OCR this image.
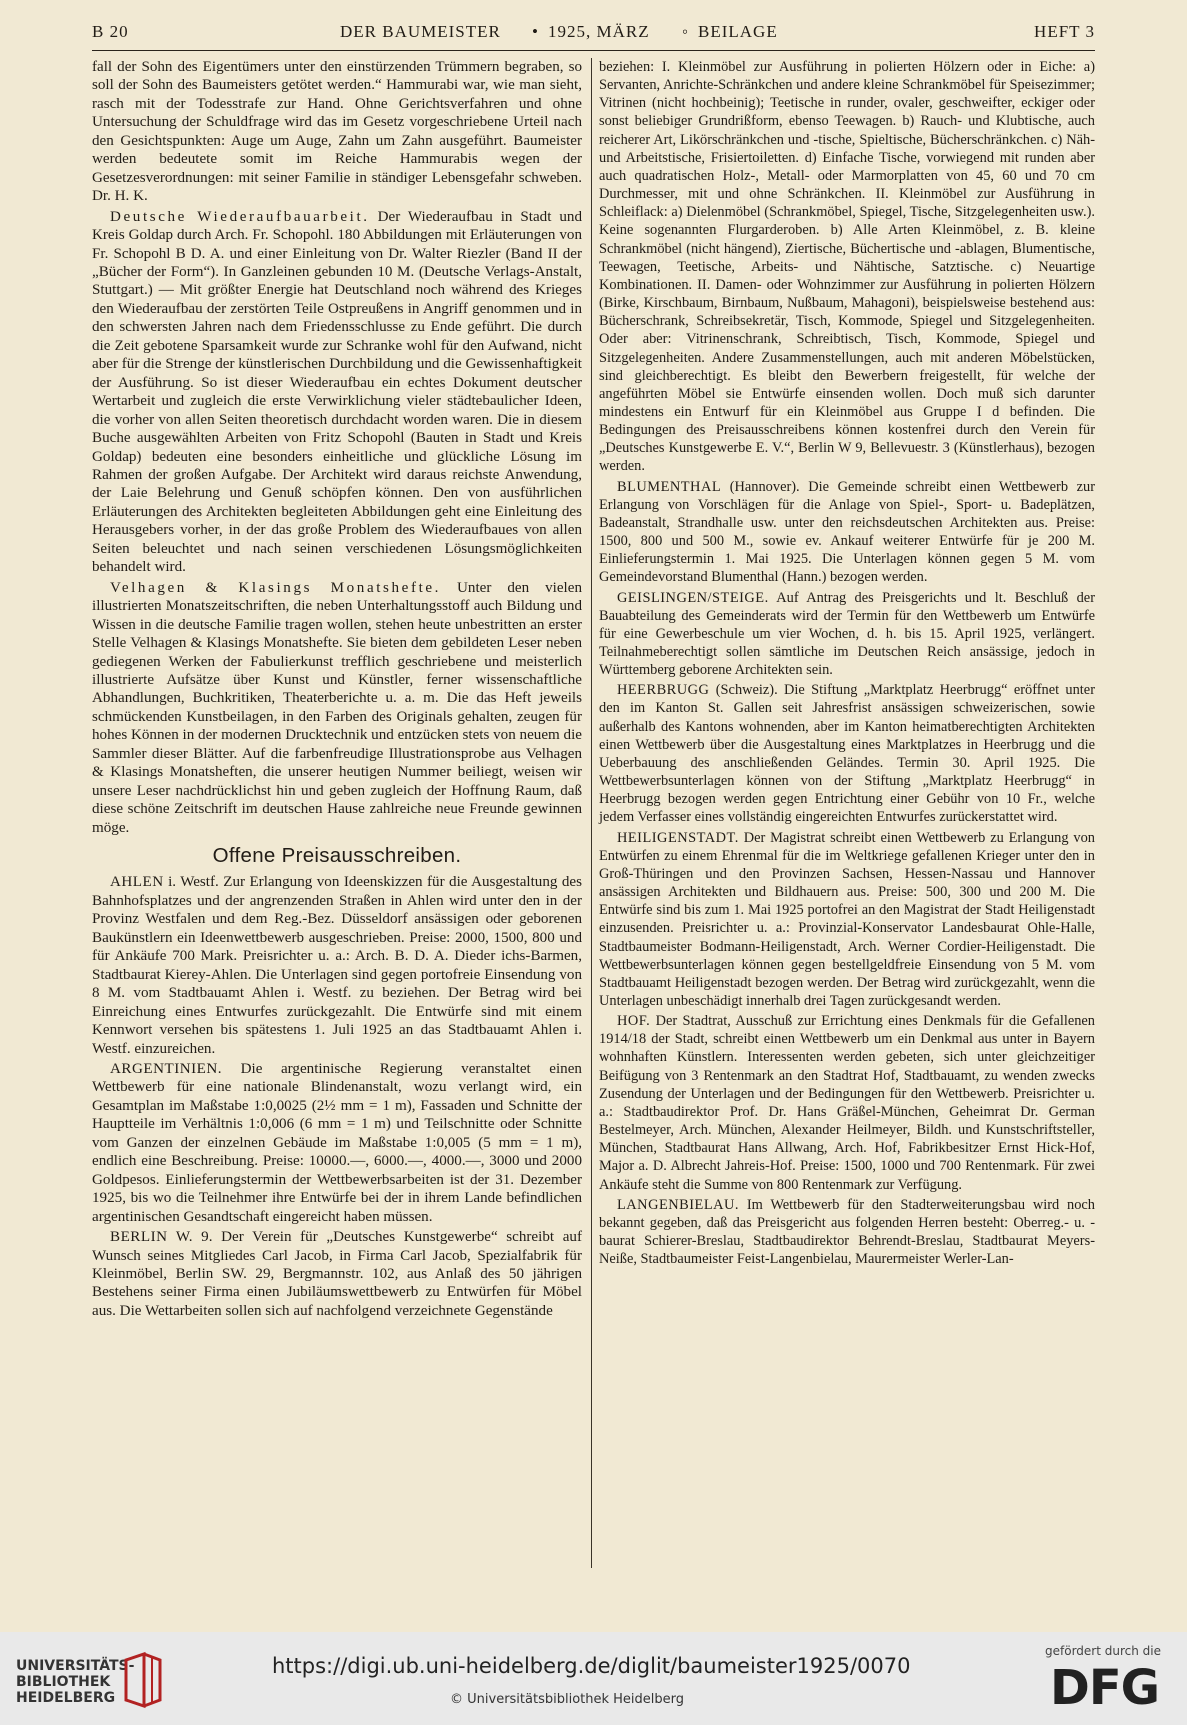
B 20	DER BAUMEISTER • 1925, MÄRZ ◦ BEILAGE	HEFT 3

fall der Sohn des Eigentümers unter den einstürzenden Trümmern begraben, so soll der Sohn des Baumeisters getötet werden.“ Hammurabi war, wie man sieht, rasch mit der Todesstrafe zur Hand. Ohne Gerichtsverfahren und ohne Untersuchung der Schuldfrage wird das im Gesetz vorgeschriebene Urteil nach den Gesichtspunkten: Auge um Auge, Zahn um Zahn ausgeführt. Baumeister werden bedeutete somit im Reiche Hammurabis wegen der Gesetzesverordnungen: mit seiner Familie in ständiger Lebensgefahr schweben. Dr. H. K.

Deutsche Wiederaufbauarbeit. Der Wiederaufbau in Stadt und Kreis Goldap durch Arch. Fr. Schopohl. 180 Abbildungen mit Erläuterungen von Fr. Schopohl B D. A. und einer Einleitung von Dr. Walter Riezler (Band II der „Bücher der Form“). In Ganzleinen gebunden 10 M. (Deutsche Verlags-Anstalt, Stuttgart.) — Mit größter Energie hat Deutschland noch während des Krieges den Wiederaufbau der zerstörten Teile Ostpreußens in Angriff genommen und in den schwersten Jahren nach dem Friedensschlusse zu Ende geführt. Die durch die Zeit gebotene Sparsamkeit wurde zur Schranke wohl für den Aufwand, nicht aber für die Strenge der künstlerischen Durchbildung und die Gewissenhaftigkeit der Ausführung. So ist dieser Wiederaufbau ein echtes Dokument deutscher Wertarbeit und zugleich die erste Verwirklichung vieler städtebaulicher Ideen, die vorher von allen Seiten theoretisch durchdacht worden waren. Die in diesem Buche ausgewählten Arbeiten von Fritz Schopohl (Bauten in Stadt und Kreis Goldap) bedeuten eine besonders einheitliche und glückliche Lösung im Rahmen der großen Aufgabe. Der Architekt wird daraus reichste Anwendung, der Laie Belehrung und Genuß schöpfen können. Den von ausführlichen Erläuterungen des Architekten begleiteten Abbildungen geht eine Einleitung des Herausgebers vorher, in der das große Problem des Wiederaufbaues von allen Seiten beleuchtet und nach seinen verschiedenen Lösungsmöglichkeiten behandelt wird.

Velhagen & Klasings Monatshefte. Unter den vielen illustrierten Monatszeitschriften, die neben Unterhaltungsstoff auch Bildung und Wissen in die deutsche Familie tragen wollen, stehen heute unbestritten an erster Stelle Velhagen & Klasings Monatshefte. Sie bieten dem gebildeten Leser neben gediegenen Werken der Fabulierkunst trefflich geschriebene und meisterlich illustrierte Aufsätze über Kunst und Künstler, ferner wissenschaftliche Abhandlungen, Buchkritiken, Theaterberichte u. a. m. Die das Heft jeweils schmückenden Kunstbeilagen, in den Farben des Originals gehalten, zeugen für hohes Können in der modernen Drucktechnik und entzücken stets von neuem die Sammler dieser Blätter. Auf die farbenfreudige Illustrationsprobe aus Velhagen & Klasings Monatsheften, die unserer heutigen Nummer beiliegt, weisen wir unsere Leser nachdrücklichst hin und geben zugleich der Hoffnung Raum, daß diese schöne Zeitschrift im deutschen Hause zahlreiche neue Freunde gewinnen möge.

Offene Preisausschreiben.

AHLEN i. Westf. Zur Erlangung von Ideenskizzen für die Ausgestaltung des Bahnhofsplatzes und der angrenzenden Straßen in Ahlen wird unter den in der Provinz Westfalen und dem Reg.-Bez. Düsseldorf ansässigen oder geborenen Baukünstlern ein Ideenwettbewerb ausgeschrieben. Preise: 2000, 1500, 800 und für Ankäufe 700 Mark. Preisrichter u. a.: Arch. B. D. A. Dieder ichs-Barmen, Stadtbaurat Kierey-Ahlen. Die Unterlagen sind gegen portofreie Einsendung von 8 M. vom Stadtbauamt Ahlen i. Westf. zu beziehen. Der Betrag wird bei Einreichung eines Entwurfes zurückgezahlt. Die Entwürfe sind mit einem Kennwort versehen bis spätestens 1. Juli 1925 an das Stadtbauamt Ahlen i. Westf. einzureichen.

ARGENTINIEN. Die argentinische Regierung veranstaltet einen Wettbewerb für eine nationale Blindenanstalt, wozu verlangt wird, ein Gesamtplan im Maßstabe 1:0,0025 (2½ mm = 1 m), Fassaden und Schnitte der Hauptteile im Verhältnis 1:0,006 (6 mm = 1 m) und Teilschnitte oder Schnitte vom Ganzen der einzelnen Gebäude im Maßstabe 1:0,005 (5 mm = 1 m), endlich eine Beschreibung. Preise: 10000.—, 6000.—, 4000.—, 3000 und 2000 Goldpesos. Einlieferungstermin der Wettbewerbsarbeiten ist der 31. Dezember 1925, bis wo die Teilnehmer ihre Entwürfe bei der in ihrem Lande befindlichen argentinischen Gesandtschaft eingereicht haben müssen.

BERLIN W. 9. Der Verein für „Deutsches Kunstgewerbe“ schreibt auf Wunsch seines Mitgliedes Carl Jacob, in Firma Carl Jacob, Spezialfabrik für Kleinmöbel, Berlin SW. 29, Bergmannstr. 102, aus Anlaß des 50 jährigen Bestehens seiner Firma einen Jubiläumswettbewerb zu Entwürfen für Möbel aus. Die Wettarbeiten sollen sich auf nachfolgend verzeichnete Gegenstände

beziehen: I. Kleinmöbel zur Ausführung in polierten Hölzern oder in Eiche: a) Servanten, Anrichte-Schränkchen und andere kleine Schrankmöbel für Speisezimmer; Vitrinen (nicht hochbeinig); Teetische in runder, ovaler, geschweifter, eckiger oder sonst beliebiger Grundrißform, ebenso Teewagen. b) Rauch- und Klubtische, auch reicherer Art, Likörschränkchen und -tische, Spieltische, Bücherschränkchen. c) Näh- und Arbeitstische, Frisiertoiletten. d) Einfache Tische, vorwiegend mit runden aber auch quadratischen Holz-, Metall- oder Marmorplatten von 45, 60 und 70 cm Durchmesser, mit und ohne Schränkchen. II. Kleinmöbel zur Ausführung in Schleiflack: a) Dielenmöbel (Schrankmöbel, Spiegel, Tische, Sitzgelegenheiten usw.). Keine sogenannten Flurgarderoben. b) Alle Arten Kleinmöbel, z. B. kleine Schrankmöbel (nicht hängend), Ziertische, Büchertische und -ablagen, Blumentische, Teewagen, Teetische, Arbeits- und Nähtische, Satztische. c) Neuartige Kombinationen. II. Damen- oder Wohnzimmer zur Ausführung in polierten Hölzern (Birke, Kirschbaum, Birnbaum, Nußbaum, Mahagoni), beispielsweise bestehend aus: Bücherschrank, Schreibsekretär, Tisch, Kommode, Spiegel und Sitzgelegenheiten. Oder aber: Vitrinenschrank, Schreibtisch, Tisch, Kommode, Spiegel und Sitzgelegenheiten. Andere Zusammenstellungen, auch mit anderen Möbelstücken, sind gleichberechtigt. Es bleibt den Bewerbern freigestellt, für welche der angeführten Möbel sie Entwürfe einsenden wollen. Doch muß sich darunter mindestens ein Entwurf für ein Kleinmöbel aus Gruppe I d befinden. Die Bedingungen des Preisausschreibens können kostenfrei durch den Verein für „Deutsches Kunstgewerbe E. V.“, Berlin W 9, Bellevuestr. 3 (Künstlerhaus), bezogen werden.

BLUMENTHAL (Hannover). Die Gemeinde schreibt einen Wettbewerb zur Erlangung von Vorschlägen für die Anlage von Spiel-, Sport- u. Badeplätzen, Badeanstalt, Strandhalle usw. unter den reichsdeutschen Architekten aus. Preise: 1500, 800 und 500 M., sowie ev. Ankauf weiterer Entwürfe für je 200 M. Einlieferungstermin 1. Mai 1925. Die Unterlagen können gegen 5 M. vom Gemeindevorstand Blumenthal (Hann.) bezogen werden.

GEISLINGEN/STEIGE. Auf Antrag des Preisgerichts und lt. Beschluß der Bauabteilung des Gemeinderats wird der Termin für den Wettbewerb um Entwürfe für eine Gewerbeschule um vier Wochen, d. h. bis 15. April 1925, verlängert. Teilnahmeberechtigt sollen sämtliche im Deutschen Reich ansässige, jedoch in Württemberg geborene Architekten sein.

HEERBRUGG (Schweiz). Die Stiftung „Marktplatz Heerbrugg“ eröffnet unter den im Kanton St. Gallen seit Jahresfrist ansässigen schweizerischen, sowie außerhalb des Kantons wohnenden, aber im Kanton heimatberechtigten Architekten einen Wettbewerb über die Ausgestaltung eines Marktplatzes in Heerbrugg und die Ueberbauung des anschließenden Geländes. Termin 30. April 1925. Die Wettbewerbsunterlagen können von der Stiftung „Marktplatz Heerbrugg“ in Heerbrugg bezogen werden gegen Entrichtung einer Gebühr von 10 Fr., welche jedem Verfasser eines vollständig eingereichten Entwurfes zurückerstattet wird.

HEILIGENSTADT. Der Magistrat schreibt einen Wettbewerb zu Erlangung von Entwürfen zu einem Ehrenmal für die im Weltkriege gefallenen Krieger unter den in Groß-Thüringen und den Provinzen Sachsen, Hessen-Nassau und Hannover ansässigen Architekten und Bildhauern aus. Preise: 500, 300 und 200 M. Die Entwürfe sind bis zum 1. Mai 1925 portofrei an den Magistrat der Stadt Heiligenstadt einzusenden. Preisrichter u. a.: Provinzial-Konservator Landesbaurat Ohle-Halle, Stadtbaumeister Bodmann-Heiligenstadt, Arch. Werner Cordier-Heiligenstadt. Die Wettbewerbsunterlagen können gegen bestellgeldfreie Einsendung von 5 M. vom Stadtbauamt Heiligenstadt bezogen werden. Der Betrag wird zurückgezahlt, wenn die Unterlagen unbeschädigt innerhalb drei Tagen zurückgesandt werden.

HOF. Der Stadtrat, Ausschuß zur Errichtung eines Denkmals für die Gefallenen 1914/18 der Stadt, schreibt einen Wettbewerb um ein Denkmal aus unter in Bayern wohnhaften Künstlern. Interessenten werden gebeten, sich unter gleichzeitiger Beifügung von 3 Rentenmark an den Stadtrat Hof, Stadtbauamt, zu wenden zwecks Zusendung der Unterlagen und der Bedingungen für den Wettbewerb. Preisrichter u. a.: Stadtbaudirektor Prof. Dr. Hans Gräßel-München, Geheimrat Dr. German Bestelmeyer, Arch. München, Alexander Heilmeyer, Bildh. und Kunstschriftsteller, München, Stadtbaurat Hans Allwang, Arch. Hof, Fabrikbesitzer Ernst Hick-Hof, Major a. D. Albrecht Jahreis-Hof. Preise: 1500, 1000 und 700 Rentenmark. Für zwei Ankäufe steht die Summe von 800 Rentenmark zur Verfügung.

LANGENBIELAU. Im Wettbewerb für den Stadterweiterungsbau wird noch bekannt gegeben, daß das Preisgericht aus folgenden Herren besteht: Oberreg.- u. -baurat Schierer-Breslau, Stadtbaudirektor Behrendt-Breslau, Stadtbaurat Meyers-Neiße, Stadtbaumeister Feist-Langenbielau, Maurermeister Werler-Lan-

UNIVERSITÄTS-
BIBLIOTHEK
HEIDELBERG
https://digi.ub.uni-heidelberg.de/diglit/baumeister1925/0070
© Universitätsbibliothek Heidelberg
gefördert durch die
DFG
